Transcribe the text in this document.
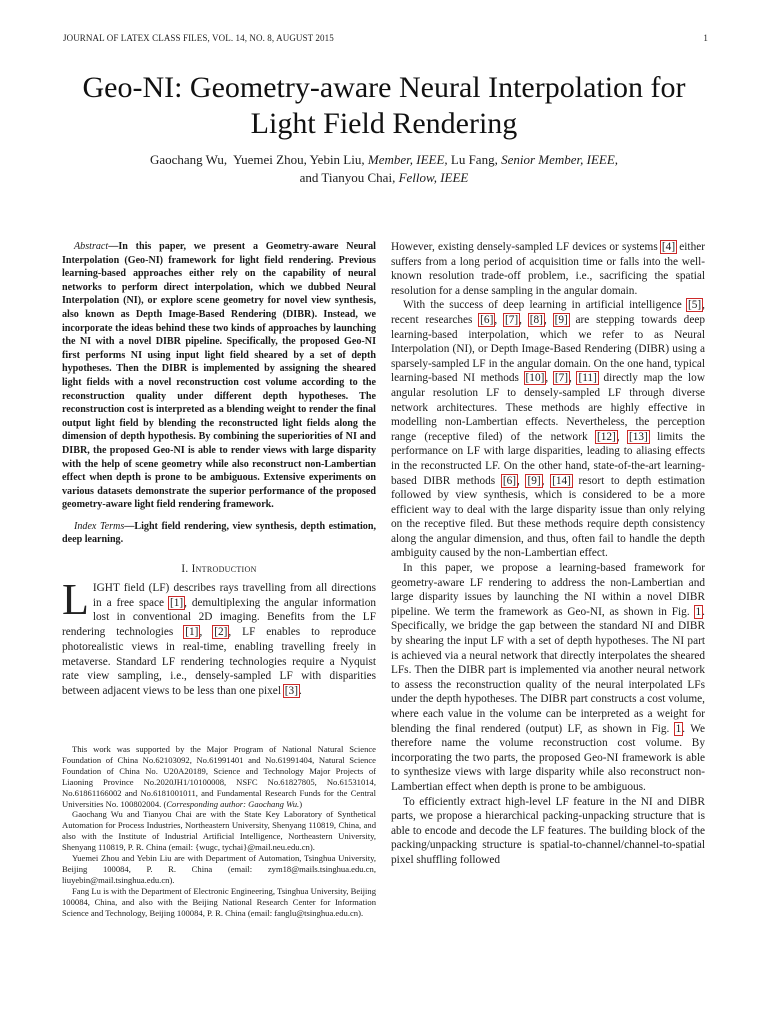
JOURNAL OF LATEX CLASS FILES, VOL. 14, NO. 8, AUGUST 2015	1
Geo-NI: Geometry-aware Neural Interpolation for
Light Field Rendering
Gaochang Wu,  Yuemei Zhou, Yebin Liu, Member, IEEE, Lu Fang, Senior Member, IEEE,
and Tianyou Chai, Fellow, IEEE

Abstract—In this paper, we present a Geometry-aware Neural Interpolation (Geo-NI) framework for light field rendering. Previous learning-based approaches either rely on the capability of neural networks to perform direct interpolation, which we dubbed Neural Interpolation (NI), or explore scene geometry for novel view synthesis, also known as Depth Image-Based Rendering (DIBR). Instead, we incorporate the ideas behind these two kinds of approaches by launching the NI with a novel DIBR pipeline. Specifically, the proposed Geo-NI first performs NI using input light field sheared by a set of depth hypotheses. Then the DIBR is implemented by assigning the sheared light fields with a novel reconstruction cost volume according to the reconstruction quality under different depth hypotheses. The reconstruction cost is interpreted as a blending weight to render the final output light field by blending the reconstructed light fields along the dimension of depth hypothesis. By combining the superiorities of NI and DIBR, the proposed Geo-NI is able to render views with large disparity with the help of scene geometry while also reconstruct non-Lambertian effect when depth is prone to be ambiguous. Extensive experiments on various datasets demonstrate the superior performance of the proposed geometry-aware light field rendering framework.

Index Terms—Light field rendering, view synthesis, depth estimation, deep learning.

I. Introduction

LIGHT field (LF) describes rays travelling from all directions in a free space [1], demultiplexing the angular information lost in conventional 2D imaging. Benefits from the LF rendering technologies [1], [2], LF enables to reproduce photorealistic views in real-time, enabling travelling freely in metaverse. Standard LF rendering technologies require a Nyquist rate view sampling, i.e., densely-sampled LF with disparities between adjacent views to be less than one pixel [3].

This work was supported by the Major Program of National Natural Science Foundation of China No.62103092, No.61991401 and No.61991404, Natural Science Foundation of China No. U20A20189, Science and Technology Major Projects of Liaoning Province No.2020JH1/10100008, NSFC No.61827805, No.61531014, No.61861166002 and No.6181001011, and Fundamental Research Funds for the Central Universities No. 100802004. (Corresponding author: Gaochang Wu.)

Gaochang Wu and Tianyou Chai are with the State Key Laboratory of Synthetical Automation for Process Industries, Northeastern University, Shenyang 110819, China, and also with the Institute of Industrial Artificial Intelligence, Northeastern University, Shenyang 110819, P. R. China (email: {wugc, tychai}@mail.neu.edu.cn).

Yuemei Zhou and Yebin Liu are with Department of Automation, Tsinghua University, Beijing 100084, P. R. China (email: zym18@mails.tsinghua.edu.cn, liuyebin@mail.tsinghua.edu.cn).

Fang Lu is with the Department of Electronic Engineering, Tsinghua University, Beijing 100084, China, and also with the Beijing National Research Center for Information Science and Technology, Beijing 100084, P. R. China (email: fanglu@tsinghua.edu.cn).

However, existing densely-sampled LF devices or systems [4] either suffers from a long period of acquisition time or falls into the well-known resolution trade-off problem, i.e., sacrificing the spatial resolution for a dense sampling in the angular domain.

With the success of deep learning in artificial intelligence [5], recent researches [6], [7], [8], [9] are stepping towards deep learning-based interpolation, which we refer to as Neural Interpolation (NI), or Depth Image-Based Rendering (DIBR) using a sparsely-sampled LF in the angular domain. On the one hand, typical learning-based NI methods [10], [7], [11] directly map the low angular resolution LF to densely-sampled LF through diverse network architectures. These methods are highly effective in modelling non-Lambertian effects. Nevertheless, the perception range (receptive filed) of the network [12], [13] limits the performance on LF with large disparities, leading to aliasing effects in the reconstructed LF. On the other hand, state-of-the-art learning-based DIBR methods [6], [9], [14] resort to depth estimation followed by view synthesis, which is considered to be a more efficient way to deal with the large disparity issue than only relying on the receptive filed. But these methods require depth consistency along the angular dimension, and thus, often fail to handle the depth ambiguity caused by the non-Lambertian effect.

In this paper, we propose a learning-based framework for geometry-aware LF rendering to address the non-Lambertian and large disparity issues by launching the NI within a novel DIBR pipeline. We term the framework as Geo-NI, as shown in Fig. 1. Specifically, we bridge the gap between the standard NI and DIBR by shearing the input LF with a set of depth hypotheses. The NI part is achieved via a neural network that directly interpolates the sheared LFs. Then the DIBR part is implemented via another neural network to assess the reconstruction quality of the neural interpolated LFs under the depth hypotheses. The DIBR part constructs a cost volume, where each value in the volume can be interpreted as a weight for blending the final rendered (output) LF, as shown in Fig. 1. We therefore name the volume reconstruction cost volume. By incorporating the two parts, the proposed Geo-NI framework is able to synthesize views with large disparity while also reconstruct non-Lambertian effect when depth is prone to be ambiguous.

To efficiently extract high-level LF feature in the NI and DIBR parts, we propose a hierarchical packing-unpacking structure that is able to encode and decode the LF features. The building block of the packing/unpacking structure is spatial-to-channel/channel-to-spatial pixel shuffling followed
